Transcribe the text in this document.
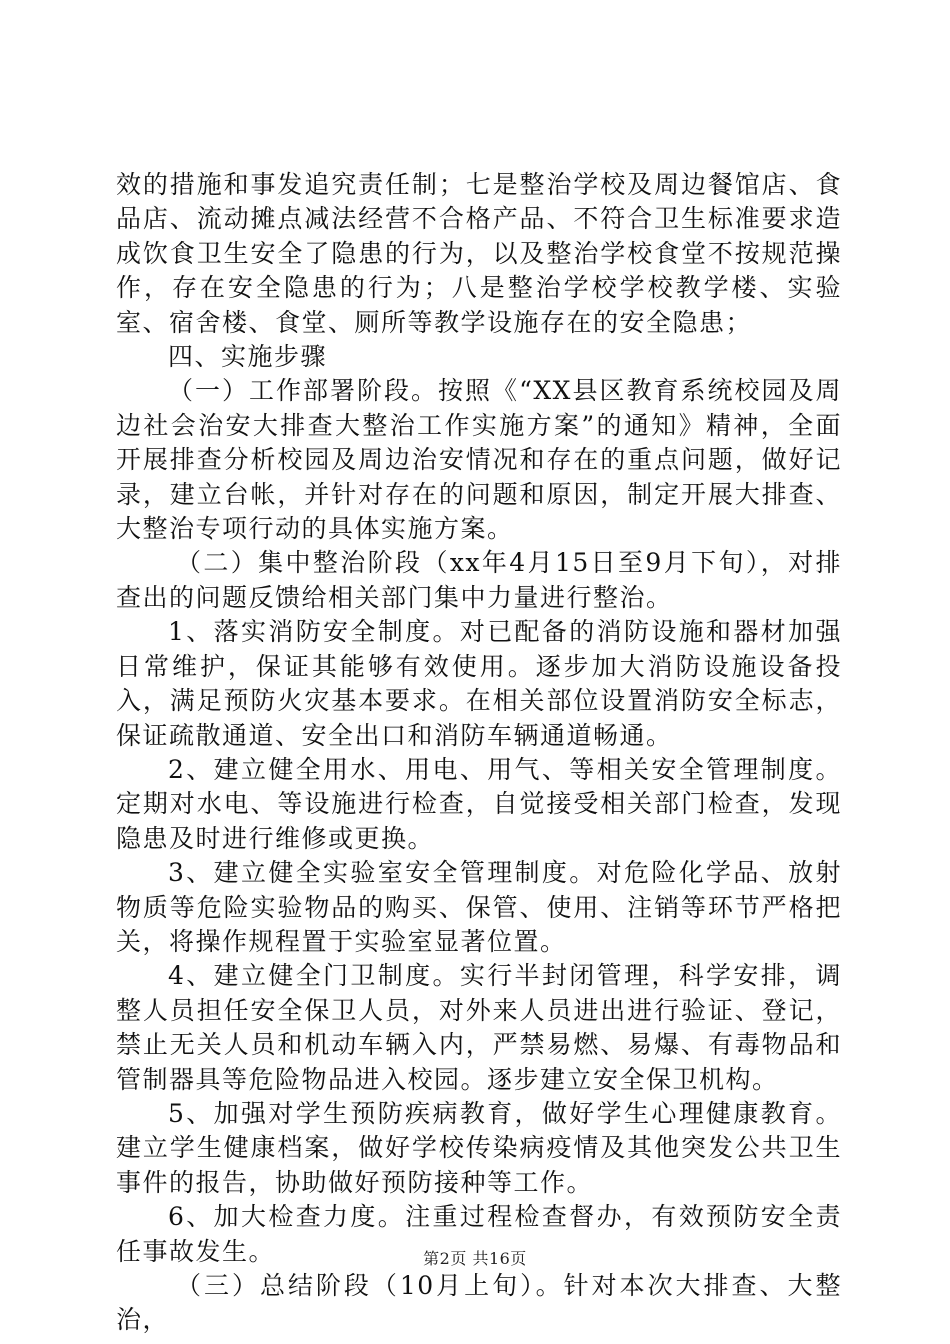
效的措施和事发追究责任制；七是整治学校及周边餐馆店、食品店、流动摊点减法经营不合格产品、不符合卫生标准要求造成饮食卫生安全了隐患的行为，以及整治学校食堂不按规范操作，存在安全隐患的行为；八是整治学校学校教学楼、实验室、宿舍楼、食堂、厕所等教学设施存在的安全隐患；

四、实施步骤

（一）工作部署阶段。按照《“XX县区教育系统校园及周边社会治安大排查大整治工作实施方案”的通知》精神，全面开展排查分析校园及周边治安情况和存在的重点问题，做好记录，建立台帐，并针对存在的问题和原因，制定开展大排查、大整治专项行动的具体实施方案。

（二）集中整治阶段（xx年4月15日至9月下旬），对排查出的问题反馈给相关部门集中力量进行整治。

1、落实消防安全制度。对已配备的消防设施和器材加强日常维护，保证其能够有效使用。逐步加大消防设施设备投入，满足预防火灾基本要求。在相关部位设置消防安全标志，保证疏散通道、安全出口和消防车辆通道畅通。

2、建立健全用水、用电、用气、等相关安全管理制度。定期对水电、等设施进行检查，自觉接受相关部门检查，发现隐患及时进行维修或更换。

3、建立健全实验室安全管理制度。对危险化学品、放射物质等危险实验物品的购买、保管、使用、注销等环节严格把关，将操作规程置于实验室显著位置。

4、建立健全门卫制度。实行半封闭管理，科学安排，调整人员担任安全保卫人员，对外来人员进出进行验证、登记，禁止无关人员和机动车辆入内，严禁易燃、易爆、有毒物品和管制器具等危险物品进入校园。逐步建立安全保卫机构。

5、加强对学生预防疾病教育，做好学生心理健康教育。建立学生健康档案，做好学校传染病疫情及其他突发公共卫生事件的报告，协助做好预防接种等工作。

6、加大检查力度。注重过程检查督办，有效预防安全责任事故发生。

（三）总结阶段（10月上旬）。针对本次大排查、大整治，

第2页 共16页
